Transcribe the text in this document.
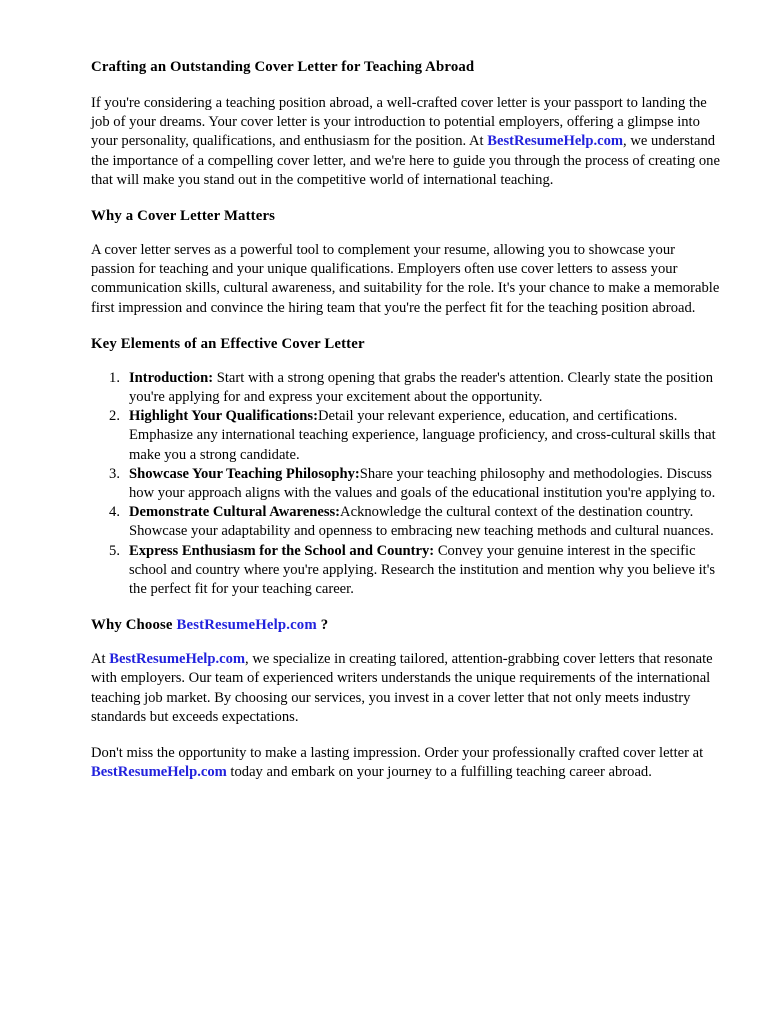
Crafting an Outstanding Cover Letter for Teaching Abroad

If you're considering a teaching position abroad, a well-crafted cover letter is your passport to landing the job of your dreams. Your cover letter is your introduction to potential employers, offering a glimpse into your personality, qualifications, and enthusiasm for the position. At BestResumeHelp.com, we understand the importance of a compelling cover letter, and we're here to guide you through the process of creating one that will make you stand out in the competitive world of international teaching.

Why a Cover Letter Matters

A cover letter serves as a powerful tool to complement your resume, allowing you to showcase your passion for teaching and your unique qualifications. Employers often use cover letters to assess your communication skills, cultural awareness, and suitability for the role. It's your chance to make a memorable first impression and convince the hiring team that you're the perfect fit for the teaching position abroad.

Key Elements of an Effective Cover Letter
Introduction: Start with a strong opening that grabs the reader's attention. Clearly state the position you're applying for and express your excitement about the opportunity.
Highlight Your Qualifications:Detail your relevant experience, education, and certifications. Emphasize any international teaching experience, language proficiency, and cross-cultural skills that make you a strong candidate.
Showcase Your Teaching Philosophy:Share your teaching philosophy and methodologies. Discuss how your approach aligns with the values and goals of the educational institution you're applying to.
Demonstrate Cultural Awareness:Acknowledge the cultural context of the destination country. Showcase your adaptability and openness to embracing new teaching methods and cultural nuances.
Express Enthusiasm for the School and Country: Convey your genuine interest in the specific school and country where you're applying. Research the institution and mention why you believe it's the perfect fit for your teaching career.
Why Choose BestResumeHelp.com ?

At BestResumeHelp.com, we specialize in creating tailored, attention-grabbing cover letters that resonate with employers. Our team of experienced writers understands the unique requirements of the international teaching job market. By choosing our services, you invest in a cover letter that not only meets industry standards but exceeds expectations.

Don't miss the opportunity to make a lasting impression. Order your professionally crafted cover letter at BestResumeHelp.com today and embark on your journey to a fulfilling teaching career abroad.
